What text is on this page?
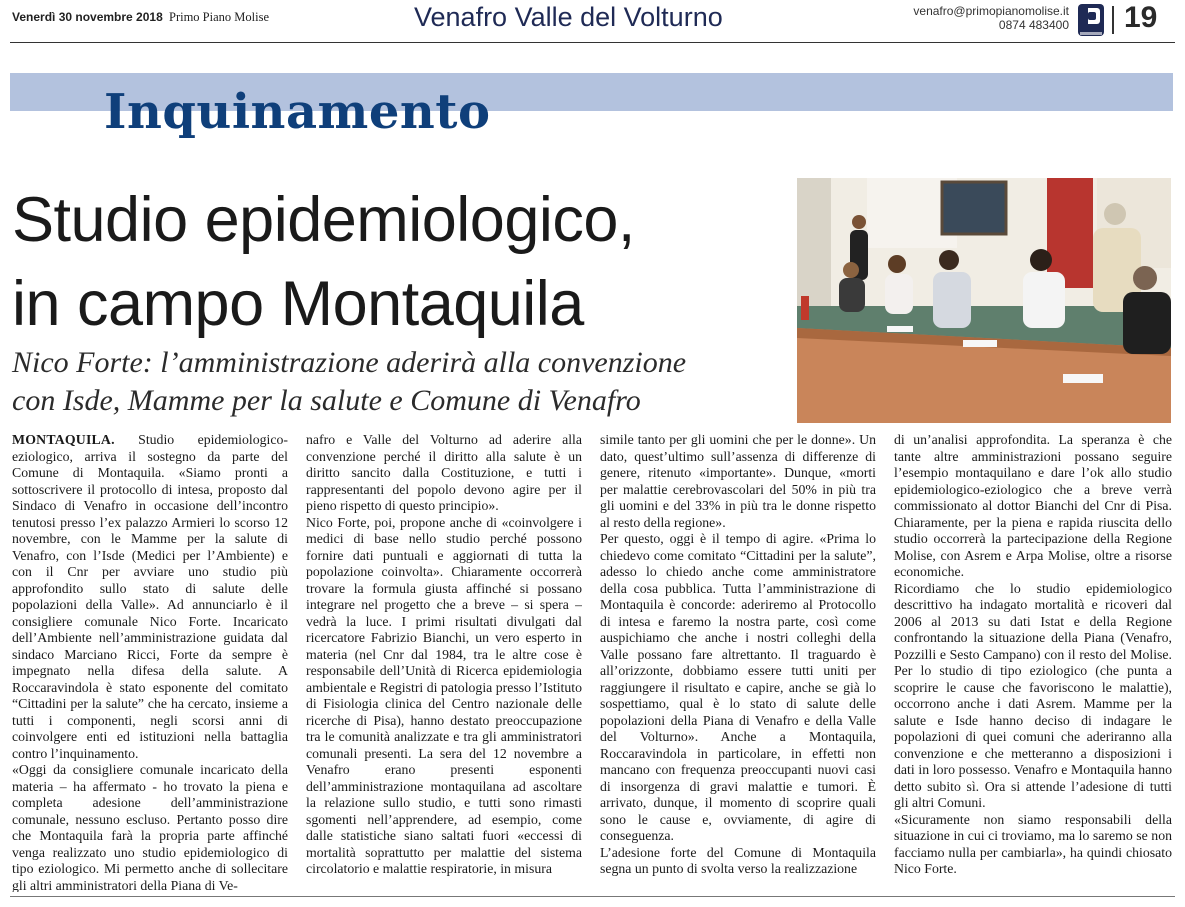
Venerdì 30 novembre 2018 Primo Piano Molise	Venafro Valle del Volturno	venafro@primopianomolise.it
0874 483400 19
Inquinamento
Studio epidemiologico,
in campo Montaquila
Nico Forte: l’amministrazione aderirà alla convenzione
con Isde, Mamme per la salute e Comune di Venafro

MONTAQUILA. Studio epidemiologico-eziologico, arriva il sostegno da parte del Comune di Montaquila. «Siamo pronti a sottoscrivere il protocollo di intesa, proposto dal Sindaco di Venafro in occasione dell’incontro tenutosi presso l’ex palazzo Armieri lo scorso 12 novembre, con le Mamme per la salute di Venafro, con l’Isde (Medici per l’Ambiente) e con il Cnr per avviare uno studio più approfondito sullo stato di salute delle popolazioni della Valle». Ad annunciarlo è il consigliere comunale Nico Forte. Incaricato dell’Ambiente nell’amministrazione guidata dal sindaco Marciano Ricci, Forte da sempre è impegnato nella difesa della salute. A Roccaravindola è stato esponente del comitato “Cittadini per la salute” che ha cercato, insieme a tutti i componenti, negli scorsi anni di coinvolgere enti ed istituzioni nella battaglia contro l’inquinamento.

«Oggi da consigliere comunale incaricato della materia – ha affermato - ho trovato la piena e completa adesione dell’amministrazione comunale, nessuno escluso. Pertanto posso dire che Montaquila farà la propria parte affinché venga realizzato uno studio epidemiologico di tipo eziologico. Mi permetto anche di sollecitare gli altri amministratori della Piana di Ve-

nafro e Valle del Volturno ad aderire alla convenzione perché il diritto alla salute è un diritto sancito dalla Costituzione, e tutti i rappresentanti del popolo devono agire per il pieno rispetto di questo principio».

Nico Forte, poi, propone anche di «coinvolgere i medici di base nello studio perché possono fornire dati puntuali e aggiornati di tutta la popolazione coinvolta». Chiaramente occorrerà trovare la formula giusta affinché si possano integrare nel progetto che a breve – si spera – vedrà la luce. I primi risultati divulgati dal ricercatore Fabrizio Bianchi, un vero esperto in materia (nel Cnr dal 1984, tra le altre cose è responsabile dell’Unità di Ricerca epidemiologia ambientale e Registri di patologia presso l’Istituto di Fisiologia clinica del Centro nazionale delle ricerche di Pisa), hanno destato preoccupazione tra le comunità analizzate e tra gli amministratori comunali presenti. La sera del 12 novembre a Venafro erano presenti esponenti dell’amministrazione montaquilana ad ascoltare la relazione sullo studio, e tutti sono rimasti sgomenti nell’apprendere, ad esempio, come dalle statistiche siano saltati fuori «eccessi di mortalità soprattutto per malattie del sistema circolatorio e malattie respiratorie, in misura

simile tanto per gli uomini che per le donne». Un dato, quest’ultimo sull’assenza di differenze di genere, ritenuto «importante». Dunque, «morti per malattie cerebrovascolari del 50% in più tra gli uomini e del 33% in più tra le donne rispetto al resto della regione».

Per questo, oggi è il tempo di agire. «Prima lo chiedevo come comitato “Cittadini per la salute”, adesso lo chiedo anche come amministratore della cosa pubblica. Tutta l’amministrazione di Montaquila è concorde: aderiremo al Protocollo di intesa e faremo la nostra parte, così come auspichiamo che anche i nostri colleghi della Valle possano fare altrettanto. Il traguardo è all’orizzonte, dobbiamo essere tutti uniti per raggiungere il risultato e capire, anche se già lo sospettiamo, qual è lo stato di salute delle popolazioni della Piana di Venafro e della Valle del Volturno». Anche a Montaquila, Roccaravindola in particolare, in effetti non mancano con frequenza preoccupanti nuovi casi di insorgenza di gravi malattie e tumori. È arrivato, dunque, il momento di scoprire quali sono le cause e, ovviamente, di agire di conseguenza.

L’adesione forte del Comune di Montaquila segna un punto di svolta verso la realizzazione

di un’analisi approfondita. La speranza è che tante altre amministrazioni possano seguire l’esempio montaquilano e dare l’ok allo studio epidemiologico-eziologico che a breve verrà commissionato al dottor Bianchi del Cnr di Pisa. Chiaramente, per la piena e rapida riuscita dello studio occorrerà la partecipazione della Regione Molise, con Asrem e Arpa Molise, oltre a risorse economiche.

Ricordiamo che lo studio epidemiologico descrittivo ha indagato mortalità e ricoveri dal 2006 al 2013 su dati Istat e della Regione confrontando la situazione della Piana (Venafro, Pozzilli e Sesto Campano) con il resto del Molise. Per lo studio di tipo eziologico (che punta a scoprire le cause che favoriscono le malattie), occorrono anche i dati Asrem. Mamme per la salute e Isde hanno deciso di indagare le popolazioni di quei comuni che aderiranno alla convenzione e che metteranno a disposizioni i dati in loro possesso. Venafro e Montaquila hanno detto subito sì. Ora si attende l’adesione di tutti gli altri Comuni.

«Sicuramente non siamo responsabili della situazione in cui ci troviamo, ma lo saremo se non facciamo nulla per cambiarla», ha quindi chiosato Nico Forte.
